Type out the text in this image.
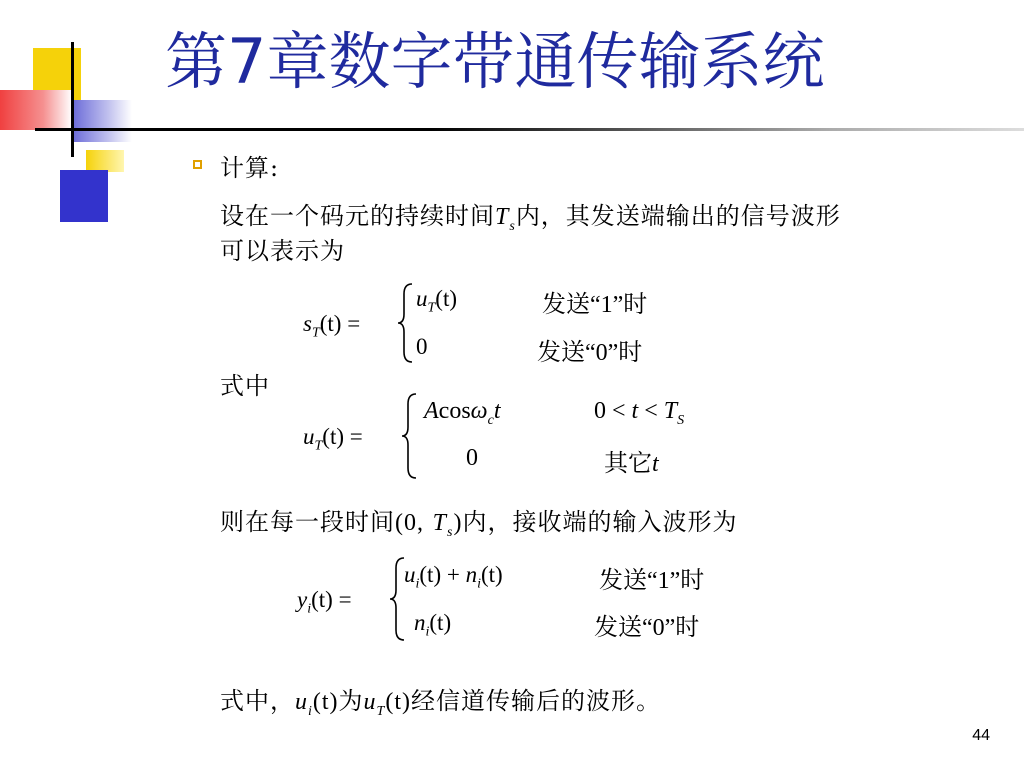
第7章数字带通传输系统
计算:
设在一个码元的持续时间$T_s$内，其发送端输出的信号波形
可以表示为
$s_T(t)$ =
$u_T(t)$	发送“1”时
0	发送“0”时
式中
$u_T(t)$ =
Acosω$_c$t	$0 < t < T_S$
0	其它t
则在每一段时间(0, $T_s$)内，接收端的输入波形为
$y_i(t)$ =
$u_i(t) + n_i(t)$	发送“1”时
$n_i(t)$	发送“0”时
式中，$u_i(t)$为$u_T(t)$经信道传输后的波形。
44
